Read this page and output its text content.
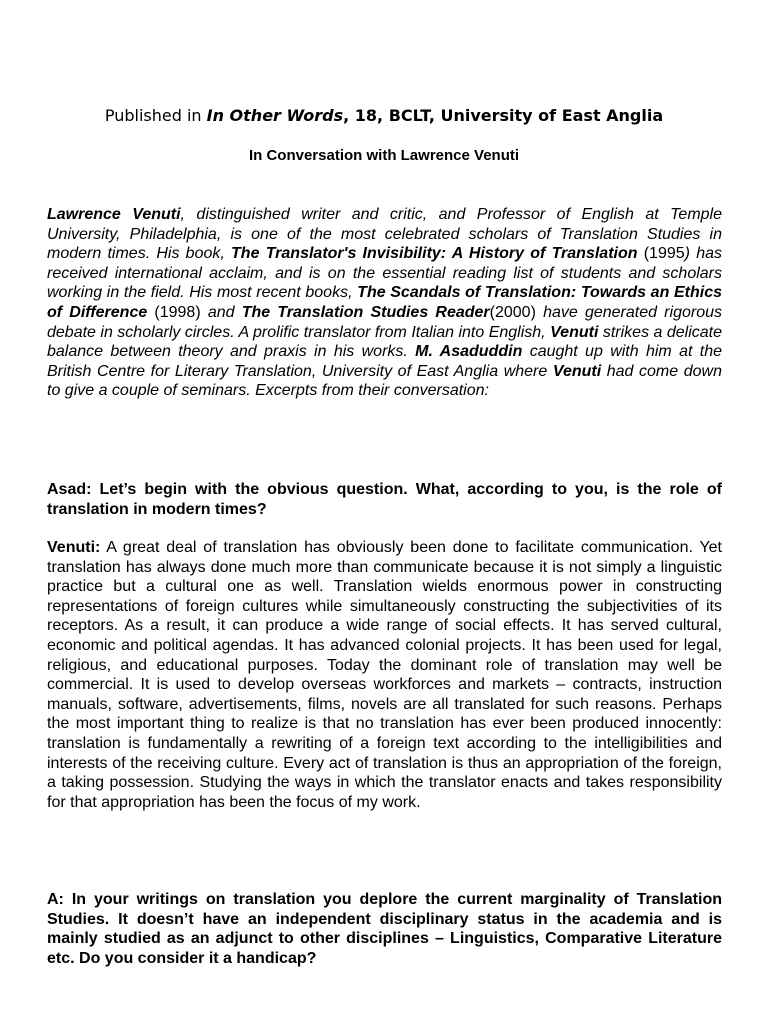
Published in In Other Words, 18, BCLT, University of East Anglia
In Conversation with Lawrence Venuti

Lawrence Venuti, distinguished writer and critic, and Professor of English at Temple University, Philadelphia, is one of the most celebrated scholars of Translation Studies in modern times. His book, The Translator's Invisibility: A History of Translation (1995) has received international acclaim, and is on the essential reading list of students and scholars working in the field. His most recent books, The Scandals of Translation: Towards an Ethics of Difference (1998) and The Translation Studies Reader(2000) have generated rigorous debate in scholarly circles. A prolific translator from Italian into English, Venuti strikes a delicate balance between theory and praxis in his works. M. Asaduddin caught up with him at the British Centre for Literary Translation, University of East Anglia where Venuti had come down to give a couple of seminars. Excerpts from their conversation:

Asad: Let’s begin with the obvious question. What, according to you, is the role of translation in modern times?

Venuti: A great deal of translation has obviously been done to facilitate communication. Yet translation has always done much more than communicate because it is not simply a linguistic practice but a cultural one as well. Translation wields enormous power in constructing representations of foreign cultures while simultaneously constructing the subjectivities of its receptors. As a result, it can produce a wide range of social effects. It has served cultural, economic and political agendas. It has advanced colonial projects. It has been used for legal, religious, and educational purposes. Today the dominant role of translation may well be commercial. It is used to develop overseas workforces and markets – contracts, instruction manuals, software, advertisements, films, novels are all translated for such reasons. Perhaps the most important thing to realize is that no translation has ever been produced innocently: translation is fundamentally a rewriting of a foreign text according to the intelligibilities and interests of the receiving culture. Every act of translation is thus an appropriation of the foreign, a taking possession. Studying the ways in which the translator enacts and takes responsibility for that appropriation has been the focus of my work.

A: In your writings on translation you deplore the current marginality of Translation Studies. It doesn’t have an independent disciplinary status in the academia and is mainly studied as an adjunct to other disciplines – Linguistics, Comparative Literature etc. Do you consider it a handicap?
